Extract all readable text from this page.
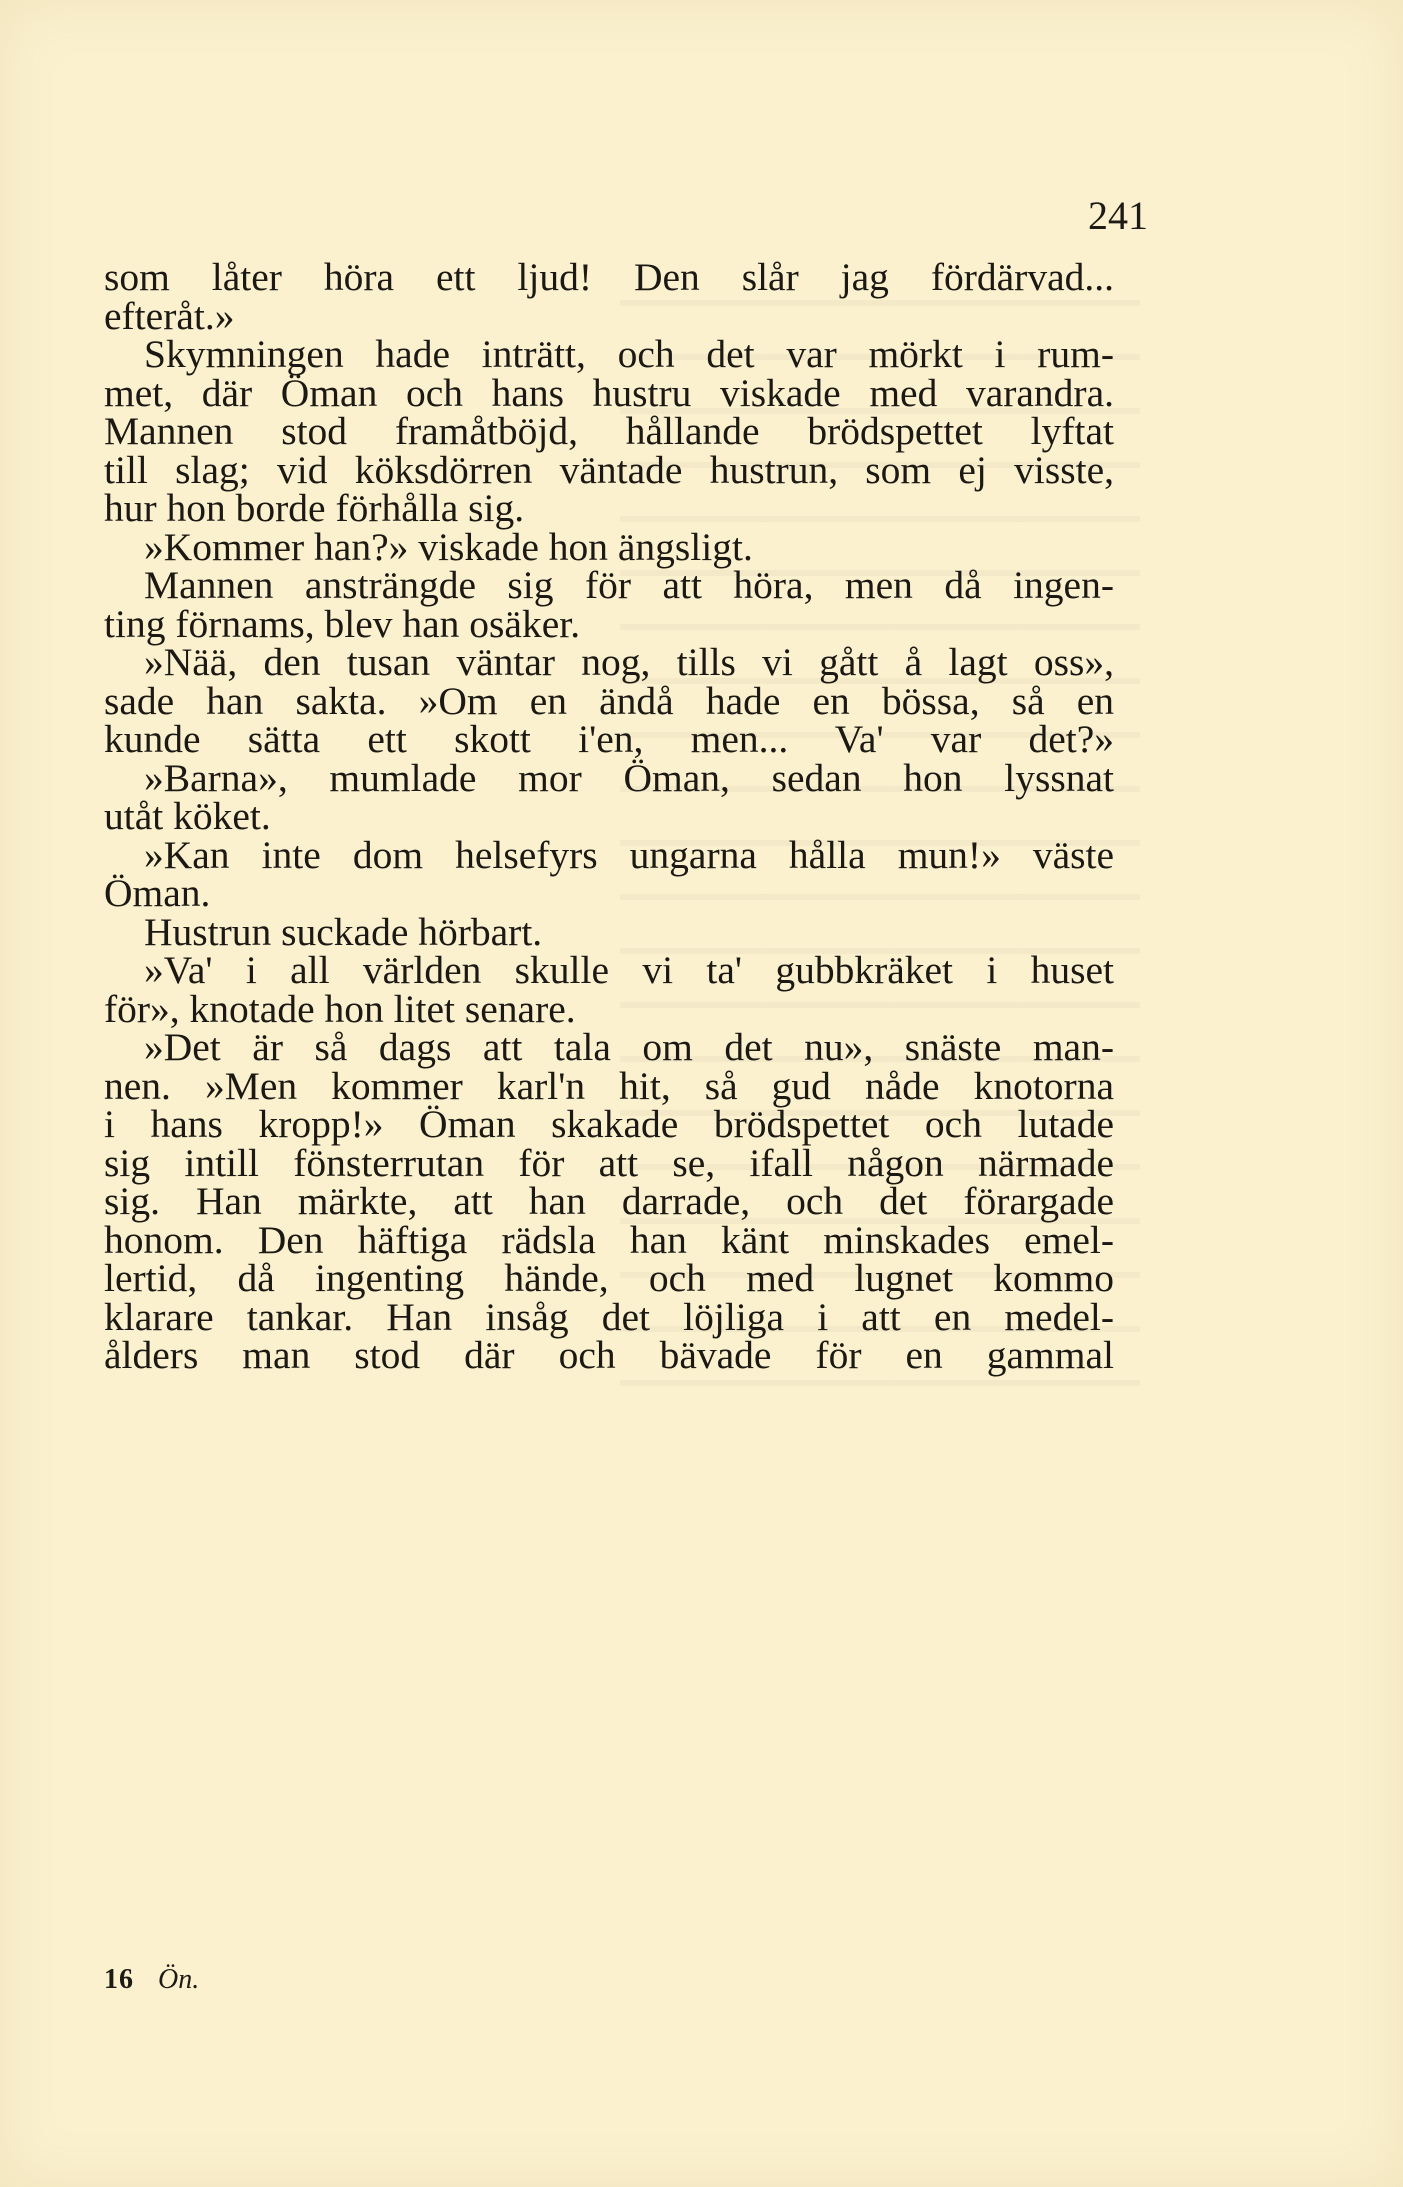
241
som låter höra ett ljud! Den slår jag fördärvad...
efteråt.»
Skymningen hade inträtt, och det var mörkt i rum-
met, där Öman och hans hustru viskade med varandra.
Mannen stod framåtböjd, hållande brödspettet lyftat
till slag; vid köksdörren väntade hustrun, som ej visste,
hur hon borde förhålla sig.
»Kommer han?» viskade hon ängsligt.
Mannen ansträngde sig för att höra, men då ingen-
ting förnams, blev han osäker.
»Nää, den tusan väntar nog, tills vi gått å lagt oss»,
sade han sakta. »Om en ändå hade en bössa, så en
kunde sätta ett skott i'en, men... Va' var det?»
»Barna», mumlade mor Öman, sedan hon lyssnat
utåt köket.
»Kan inte dom helsefyrs ungarna hålla mun!» väste
Öman.
Hustrun suckade hörbart.
»Va' i all världen skulle vi ta' gubbkräket i huset
för», knotade hon litet senare.
»Det är så dags att tala om det nu», snäste man-
nen. »Men kommer karl'n hit, så gud nåde knotorna
i hans kropp!» Öman skakade brödspettet och lutade
sig intill fönsterrutan för att se, ifall någon närmade
sig. Han märkte, att han darrade, och det förargade
honom. Den häftiga rädsla han känt minskades emel-
lertid, då ingenting hände, och med lugnet kommo
klarare tankar. Han insåg det löjliga i att en medel-
ålders man stod där och bävade för en gammal
16 Ön.
